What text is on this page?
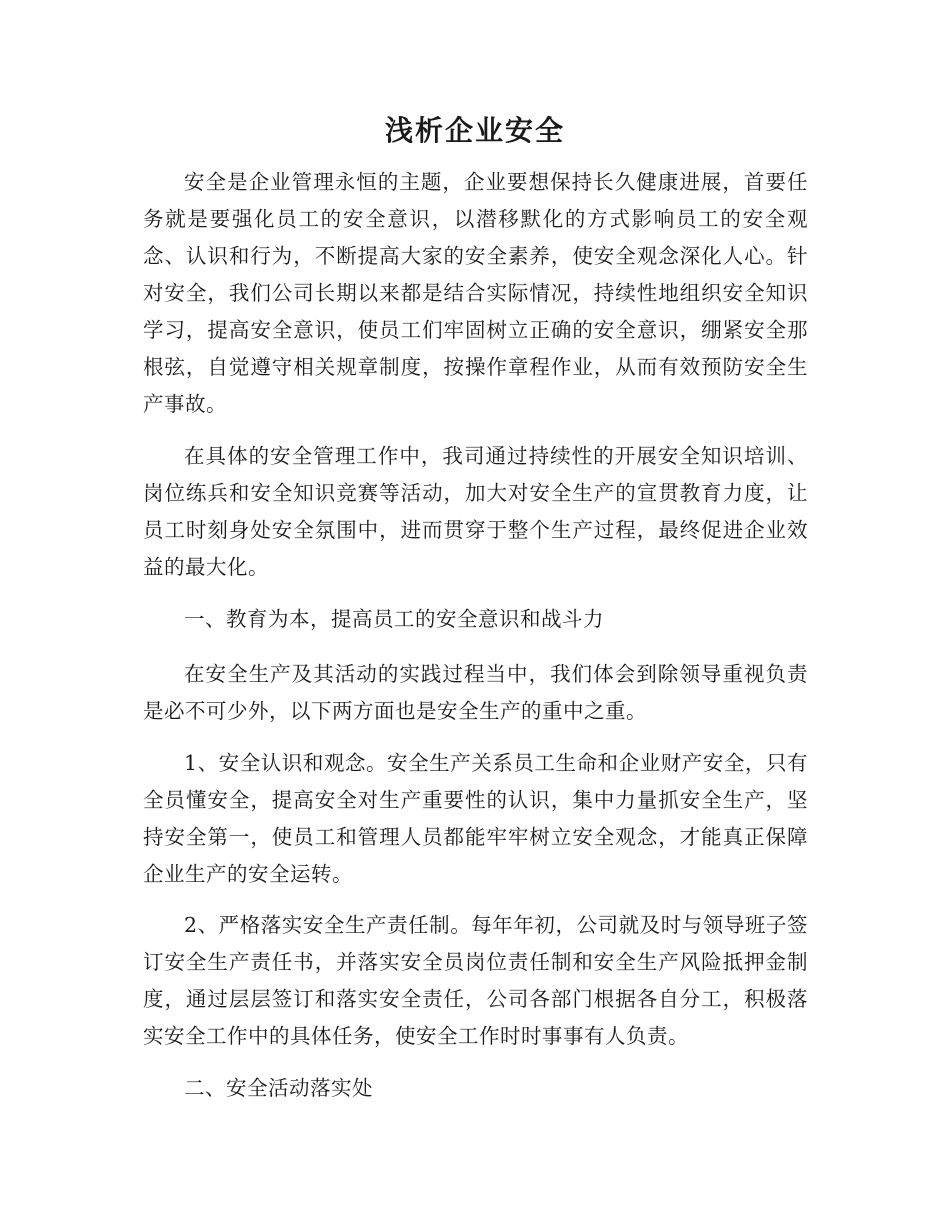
浅析企业安全

安全是企业管理永恒的主题，企业要想保持长久健康进展，首要任务就是要强化员工的安全意识，以潜移默化的方式影响员工的安全观念、认识和行为，不断提高大家的安全素养，使安全观念深化人心。针对安全，我们公司长期以来都是结合实际情况，持续性地组织安全知识学习，提高安全意识，使员工们牢固树立正确的安全意识，绷紧安全那根弦，自觉遵守相关规章制度，按操作章程作业，从而有效预防安全生产事故。

在具体的安全管理工作中，我司通过持续性的开展安全知识培训、岗位练兵和安全知识竞赛等活动，加大对安全生产的宣贯教育力度，让员工时刻身处安全氛围中，进而贯穿于整个生产过程，最终促进企业效益的最大化。

一、教育为本，提高员工的安全意识和战斗力

在安全生产及其活动的实践过程当中，我们体会到除领导重视负责是必不可少外，以下两方面也是安全生产的重中之重。

1、安全认识和观念。安全生产关系员工生命和企业财产安全，只有全员懂安全，提高安全对生产重要性的认识，集中力量抓安全生产，坚持安全第一，使员工和管理人员都能牢牢树立安全观念，才能真正保障企业生产的安全运转。

2、严格落实安全生产责任制。每年年初，公司就及时与领导班子签订安全生产责任书，并落实安全员岗位责任制和安全生产风险抵押金制度，通过层层签订和落实安全责任，公司各部门根据各自分工，积极落实安全工作中的具体任务，使安全工作时时事事有人负责。

二、安全活动落实处
